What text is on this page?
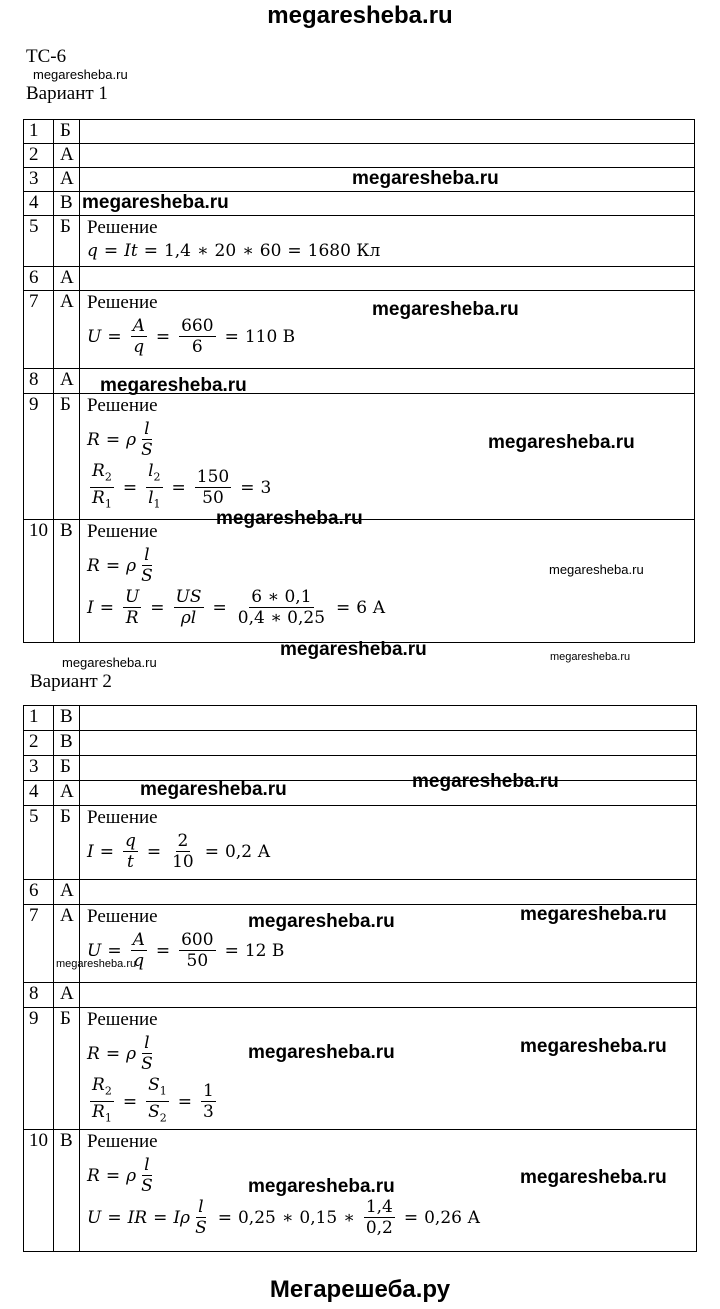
megaresheba.ru
ТС-6
megaresheba.ru
Вариант 1
1	Б
2	А
3	А
4	В
5	Б Решение
q = It = 1,4 ∗ 20 ∗ 60 = 1680 Кл
6	А
7	А Решение
$U = \frac{A}{q} = \frac{660}{6} = 110$ В
8	А
9	Б Решение
R = ρ $\frac{l}{S}$
$\frac{R_2}{R_1} = \frac{l_2}{l_1} = \frac{150}{50} = 3$
10 В Решение
R = ρ $\frac{l}{S}$
$I = \frac{U}{R} = \frac{US}{\rho l} = \frac{6 ∗ 0,1}{0,4 ∗ 0,25} = 6$ А
Вариант 2
1	В
2	В
3	Б
4	А
5	Б Решение
$I = \frac{q}{t} = \frac{2}{10} = 0,2$ А
6	А
7	А Решение
$U = \frac{A}{q} = \frac{600}{50} = 12$ В
8	А
9	Б Решение
R = ρ $\frac{l}{S}$
$\frac{R_2}{R_1} = \frac{S_1}{S_2} = \frac{1}{3}$
10 В Решение
R = ρ $\frac{l}{S}$
U = IR = Iρ $\frac{l}{S} = 0,25$ ∗ 0,15 ∗ $\frac{1,4}{0,2} = 0,26$ А
megaresheba.ru
megaresheba.ru
megaresheba.ru
megaresheba.ru
megaresheba.ru
megaresheba.ru
megaresheba.ru
megaresheba.ru
megaresheba.ru	megaresheba.ru
megaresheba.ru	megaresheba.ru
megaresheba.ru	megaresheba.ru
megaresheba.ru
megaresheba.ru	megaresheba.ru
megaresheba.ru	megaresheba.ru
Мегарешеба.ру
